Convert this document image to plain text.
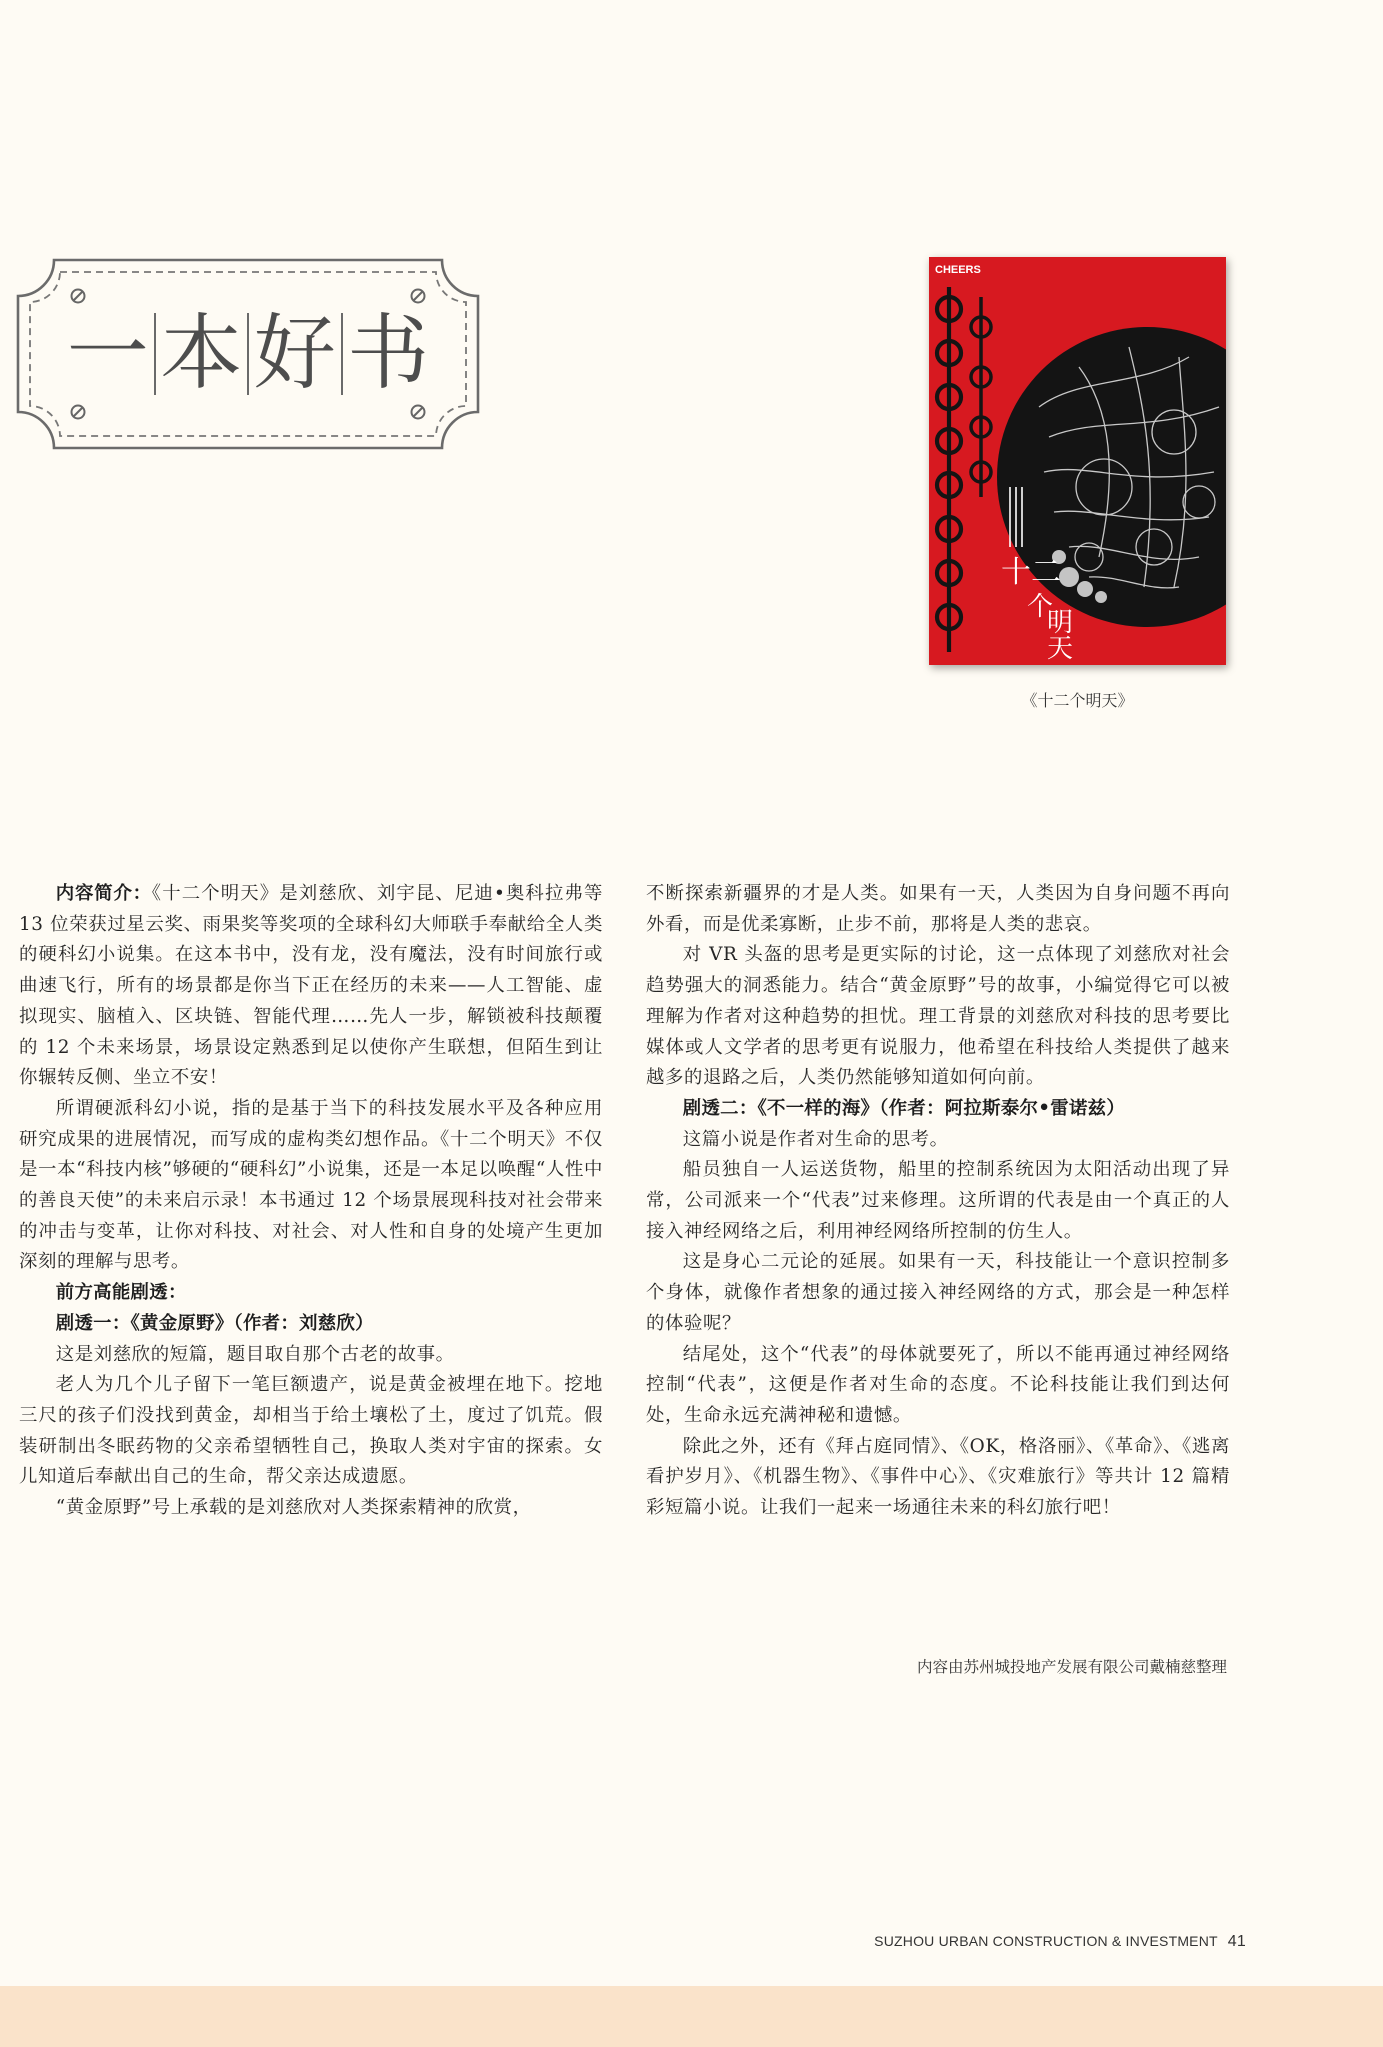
一 本 好 书
CHEERS
十二
个
明
天
《十二个明天》

内容简介：《十二个明天》是刘慈欣、刘宇昆、尼迪•奥科拉弗等 13 位荣获过星云奖、雨果奖等奖项的全球科幻大师联手奉献给全人类的硬科幻小说集。在这本书中，没有龙，没有魔法，没有时间旅行或曲速飞行，所有的场景都是你当下正在经历的未来——人工智能、虚拟现实、脑植入、区块链、智能代理……先人一步，解锁被科技颠覆的 12 个未来场景，场景设定熟悉到足以使你产生联想，但陌生到让你辗转反侧、坐立不安！

所谓硬派科幻小说，指的是基于当下的科技发展水平及各种应用研究成果的进展情况，而写成的虚构类幻想作品。《十二个明天》不仅是一本“科技内核”够硬的“硬科幻”小说集，还是一本足以唤醒“人性中的善良天使”的未来启示录！本书通过 12 个场景展现科技对社会带来的冲击与变革，让你对科技、对社会、对人性和自身的处境产生更加深刻的理解与思考。

前方高能剧透：

剧透一：《黄金原野》（作者：刘慈欣）

这是刘慈欣的短篇，题目取自那个古老的故事。

老人为几个儿子留下一笔巨额遗产，说是黄金被埋在地下。挖地三尺的孩子们没找到黄金，却相当于给土壤松了土，度过了饥荒。假装研制出冬眠药物的父亲希望牺牲自己，换取人类对宇宙的探索。女儿知道后奉献出自己的生命，帮父亲达成遗愿。

“黄金原野”号上承载的是刘慈欣对人类探索精神的欣赏，

不断探索新疆界的才是人类。如果有一天，人类因为自身问题不再向外看，而是优柔寡断，止步不前，那将是人类的悲哀。

对 VR 头盔的思考是更实际的讨论，这一点体现了刘慈欣对社会趋势强大的洞悉能力。结合“黄金原野”号的故事，小编觉得它可以被理解为作者对这种趋势的担忧。理工背景的刘慈欣对科技的思考要比媒体或人文学者的思考更有说服力，他希望在科技给人类提供了越来越多的退路之后，人类仍然能够知道如何向前。

剧透二：《不一样的海》（作者：阿拉斯泰尔•雷诺兹）

这篇小说是作者对生命的思考。

船员独自一人运送货物，船里的控制系统因为太阳活动出现了异常，公司派来一个“代表”过来修理。这所谓的代表是由一个真正的人接入神经网络之后，利用神经网络所控制的仿生人。

这是身心二元论的延展。如果有一天，科技能让一个意识控制多个身体，就像作者想象的通过接入神经网络的方式，那会是一种怎样的体验呢？

结尾处，这个“代表”的母体就要死了，所以不能再通过神经网络控制“代表”，这便是作者对生命的态度。不论科技能让我们到达何处，生命永远充满神秘和遗憾。

除此之外，还有《拜占庭同情》、《OK，格洛丽》、《革命》、《逃离看护岁月》、《机器生物》、《事件中心》、《灾难旅行》等共计 12 篇精彩短篇小说。让我们一起来一场通往未来的科幻旅行吧！

内容由苏州城投地产发展有限公司戴楠慈整理
SUZHOU URBAN CONSTRUCTION & INVESTMENT 41
